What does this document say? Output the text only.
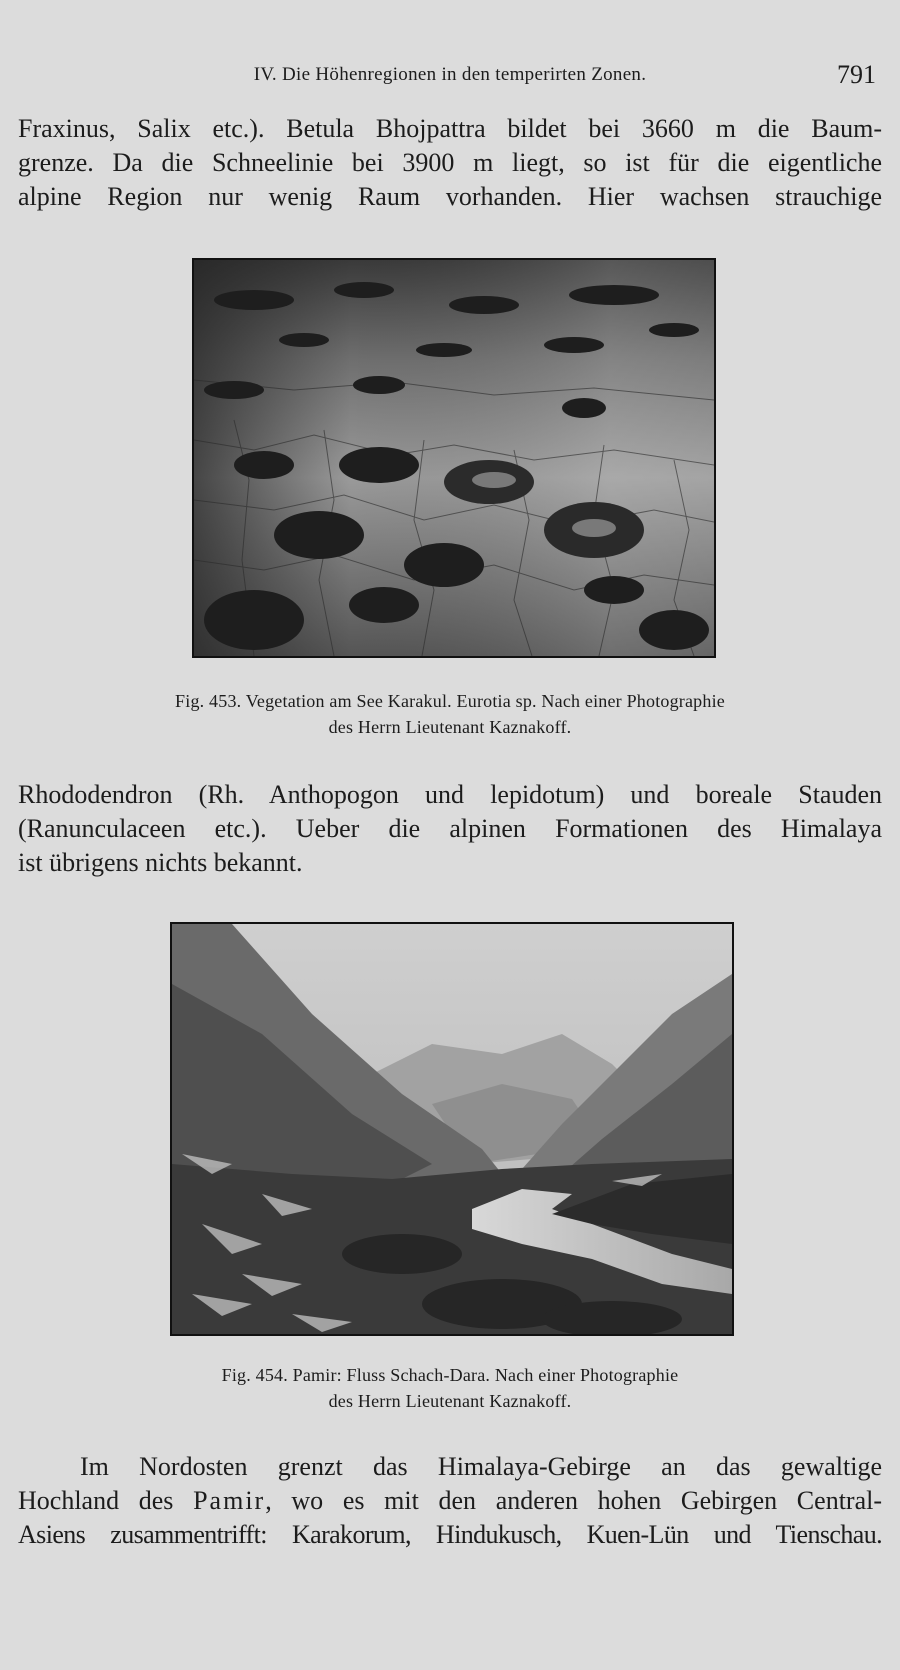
IV. Die Höhenregionen in den temperirten Zonen.	791
Fraxinus, Salix etc.). Betula Bhojpattra bildet bei 3660 m die Baum-
grenze. Da die Schneelinie bei 3900 m liegt, so ist für die eigentliche
alpine Region nur wenig Raum vorhanden. Hier wachsen strauchige
Fig. 453. Vegetation am See Karakul. Eurotia sp. Nach einer Photographie
des Herrn Lieutenant Kaznakoff.
Rhododendron (Rh. Anthopogon und lepidotum) und boreale Stauden
(Ranunculaceen etc.). Ueber die alpinen Formationen des Himalaya
ist übrigens nichts bekannt.
Fig. 454. Pamir: Fluss Schach-Dara. Nach einer Photographie
des Herrn Lieutenant Kaznakoff.
Im Nordosten grenzt das Himalaya-Gebirge an das gewaltige
Hochland des Pamir, wo es mit den anderen hohen Gebirgen Central-
Asiens zusammentrifft: Karakorum, Hindukusch, Kuen-Lün und Tienschau.
